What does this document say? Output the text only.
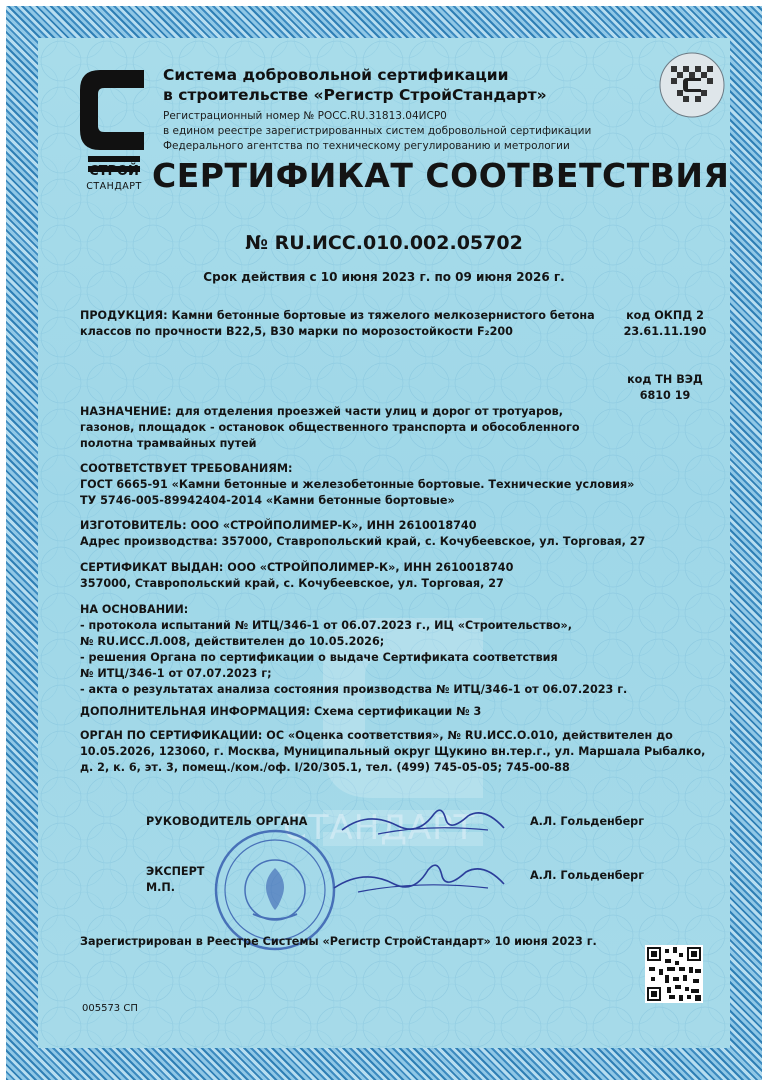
СТАНДАРТ
СТРОЙ
СТАНДАРТ
Система добровольной сертификации
в строительстве «Регистр СтройСтандарт»
Регистрационный номер № РОСС.RU.31813.04ИСР0
в едином реестре зарегистрированных систем добровольной сертификации
Федерального агентства по техническому регулированию и метрологии
СЕРТИФИКАТ СООТВЕТСТВИЯ
№ RU.ИСС.010.002.05702
Срок действия с 10 июня 2023 г. по 09 июня 2026 г.
ПРОДУКЦИЯ: Камни бетонные бортовые из тяжелого мелкозернистого бетона
классов по прочности В22,5, В30 марки по морозостойкости F₂200
код ОКПД 2
23.61.11.190
код ТН ВЭД
6810 19
НАЗНАЧЕНИЕ: для отделения проезжей части улиц и дорог от тротуаров,
газонов, площадок - остановок общественного транспорта и обособленного
полотна трамвайных путей
СООТВЕТСТВУЕТ ТРЕБОВАНИЯМ:
ГОСТ 6665-91 «Камни бетонные и железобетонные бортовые. Технические условия»
ТУ 5746-005-89942404-2014 «Камни бетонные бортовые»
ИЗГОТОВИТЕЛЬ: ООО «СТРОЙПОЛИМЕР-К», ИНН 2610018740
Адрес производства: 357000, Ставропольский край, с. Кочубеевское, ул. Торговая, 27
СЕРТИФИКАТ ВЫДАН: ООО «СТРОЙПОЛИМЕР-К», ИНН 2610018740
357000, Ставропольский край, с. Кочубеевское, ул. Торговая, 27
НА ОСНОВАНИИ:
- протокола испытаний № ИТЦ/346-1 от 06.07.2023 г., ИЦ «Строительство»,
№ RU.ИСС.Л.008, действителен до 10.05.2026;
- решения Органа по сертификации о выдаче Сертификата соответствия
№ ИТЦ/346-1 от 07.07.2023 г;
- акта о результатах анализа состояния производства № ИТЦ/346-1 от 06.07.2023 г.
ДОПОЛНИТЕЛЬНАЯ ИНФОРМАЦИЯ: Схема сертификации № 3
ОРГАН ПО СЕРТИФИКАЦИИ: ОС «Оценка соответствия», № RU.ИСС.О.010, действителен до
10.05.2026, 123060, г. Москва, Муниципальный округ Щукино вн.тер.г., ул. Маршала Рыбалко,
д. 2, к. 6, эт. 3, помещ./ком./оф. I/20/305.1, тел. (499) 745-05-05; 745-00-88
РУКОВОДИТЕЛЬ ОРГАНА	А.Л. Гольденберг
ЭКСПЕРТ
М.П.
А.Л. Гольденберг
Зарегистрирован в Реестре Системы «Регистр СтройСтандарт» 10 июня 2023 г.
005573 СП
